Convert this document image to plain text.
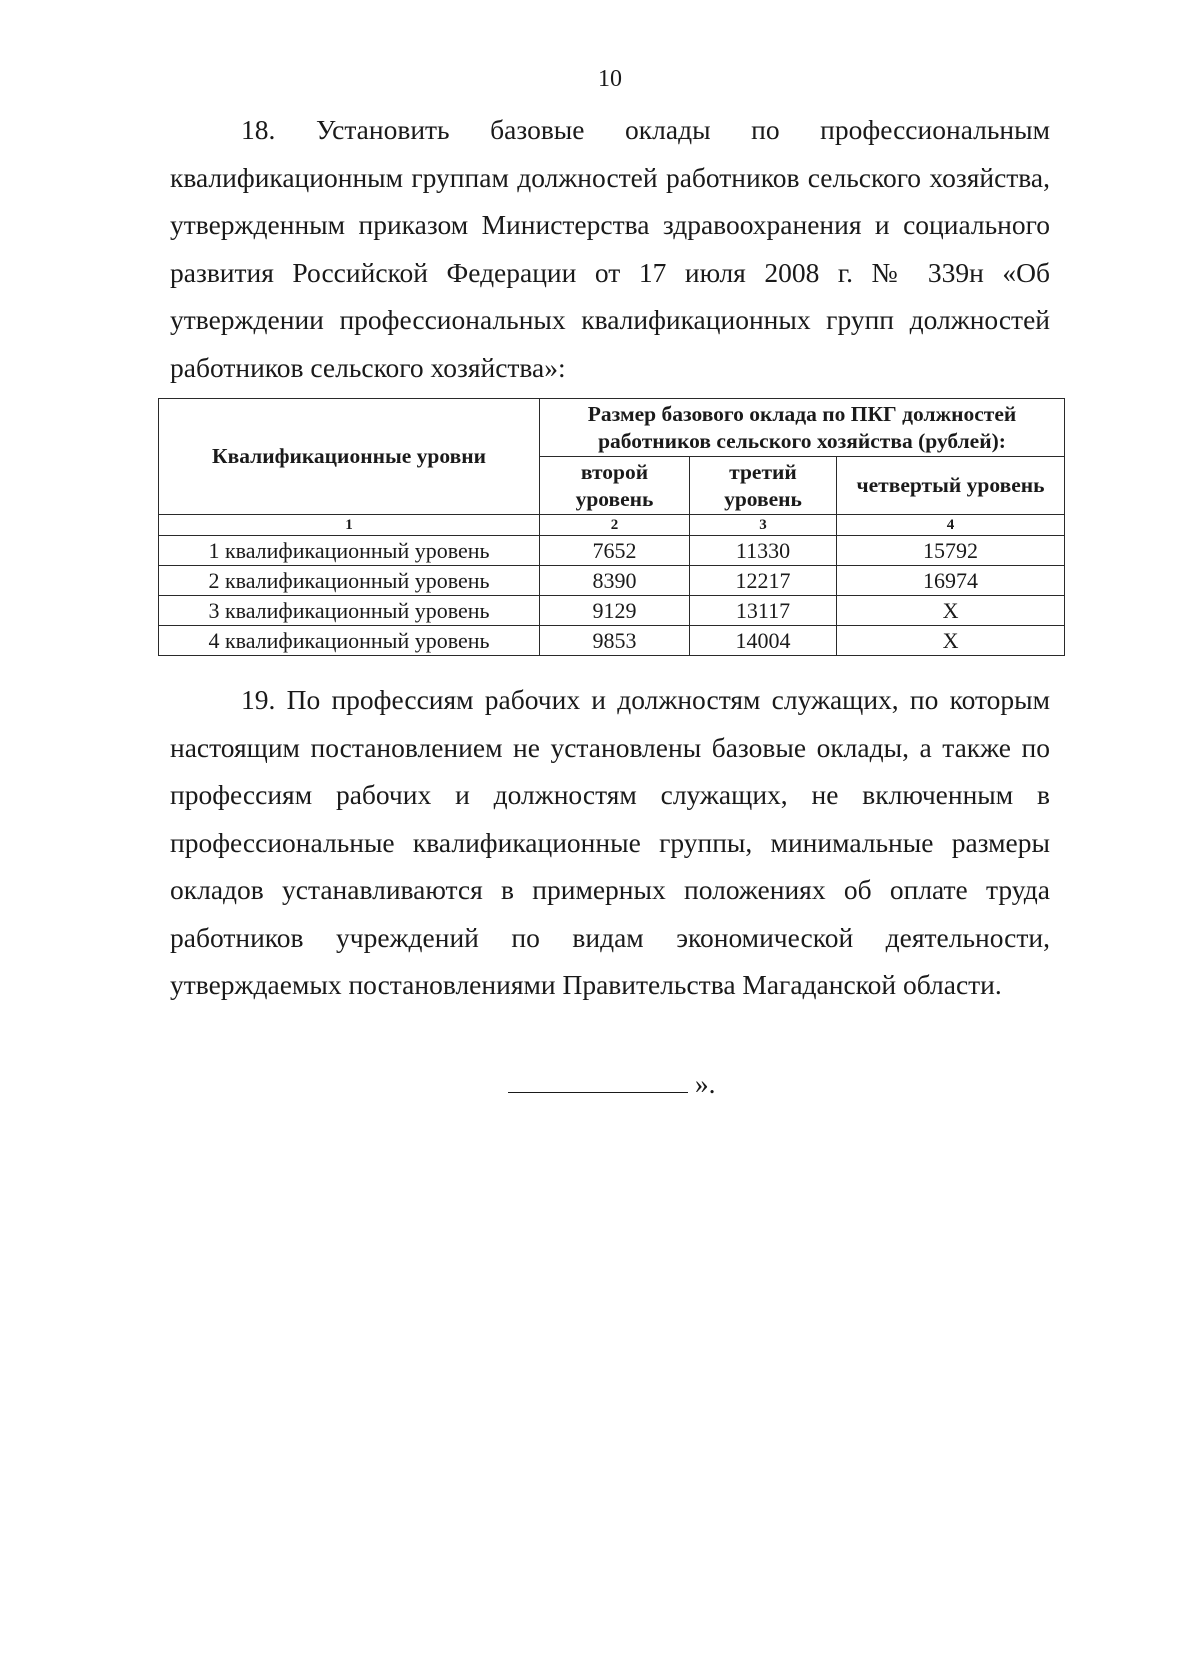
10

18. Установить базовые оклады по профессиональным квалификационным группам должностей работников сельского хозяйства, утвержденным приказом Министерства здравоохранения и социального развития Российской Федерации от 17 июля 2008 г. № 339н «Об утверждении профессиональных квалификационных групп должностей работников сельского хозяйства»:

Квалификационные уровни	Размер базового оклада по ПКГ должностей работников сельского хозяйства (рублей):		
	второй уровень	третий уровень	четвертый уровень
1	2	3	4
1 квалификационный уровень	7652	11330	15792
2 квалификационный уровень	8390	12217	16974
3 квалификационный уровень	9129	13117	X
4 квалификационный уровень	9853	14004	X

19. По профессиям рабочих и должностям служащих, по которым настоящим постановлением не установлены базовые оклады, а также по профессиям рабочих и должностям служащих, не включенным в профессиональные квалификационные группы, минимальные размеры окладов устанавливаются в примерных положениях об оплате труда работников учреждений по видам экономической деятельности, утверждаемых постановлениями Правительства Магаданской области.

».
